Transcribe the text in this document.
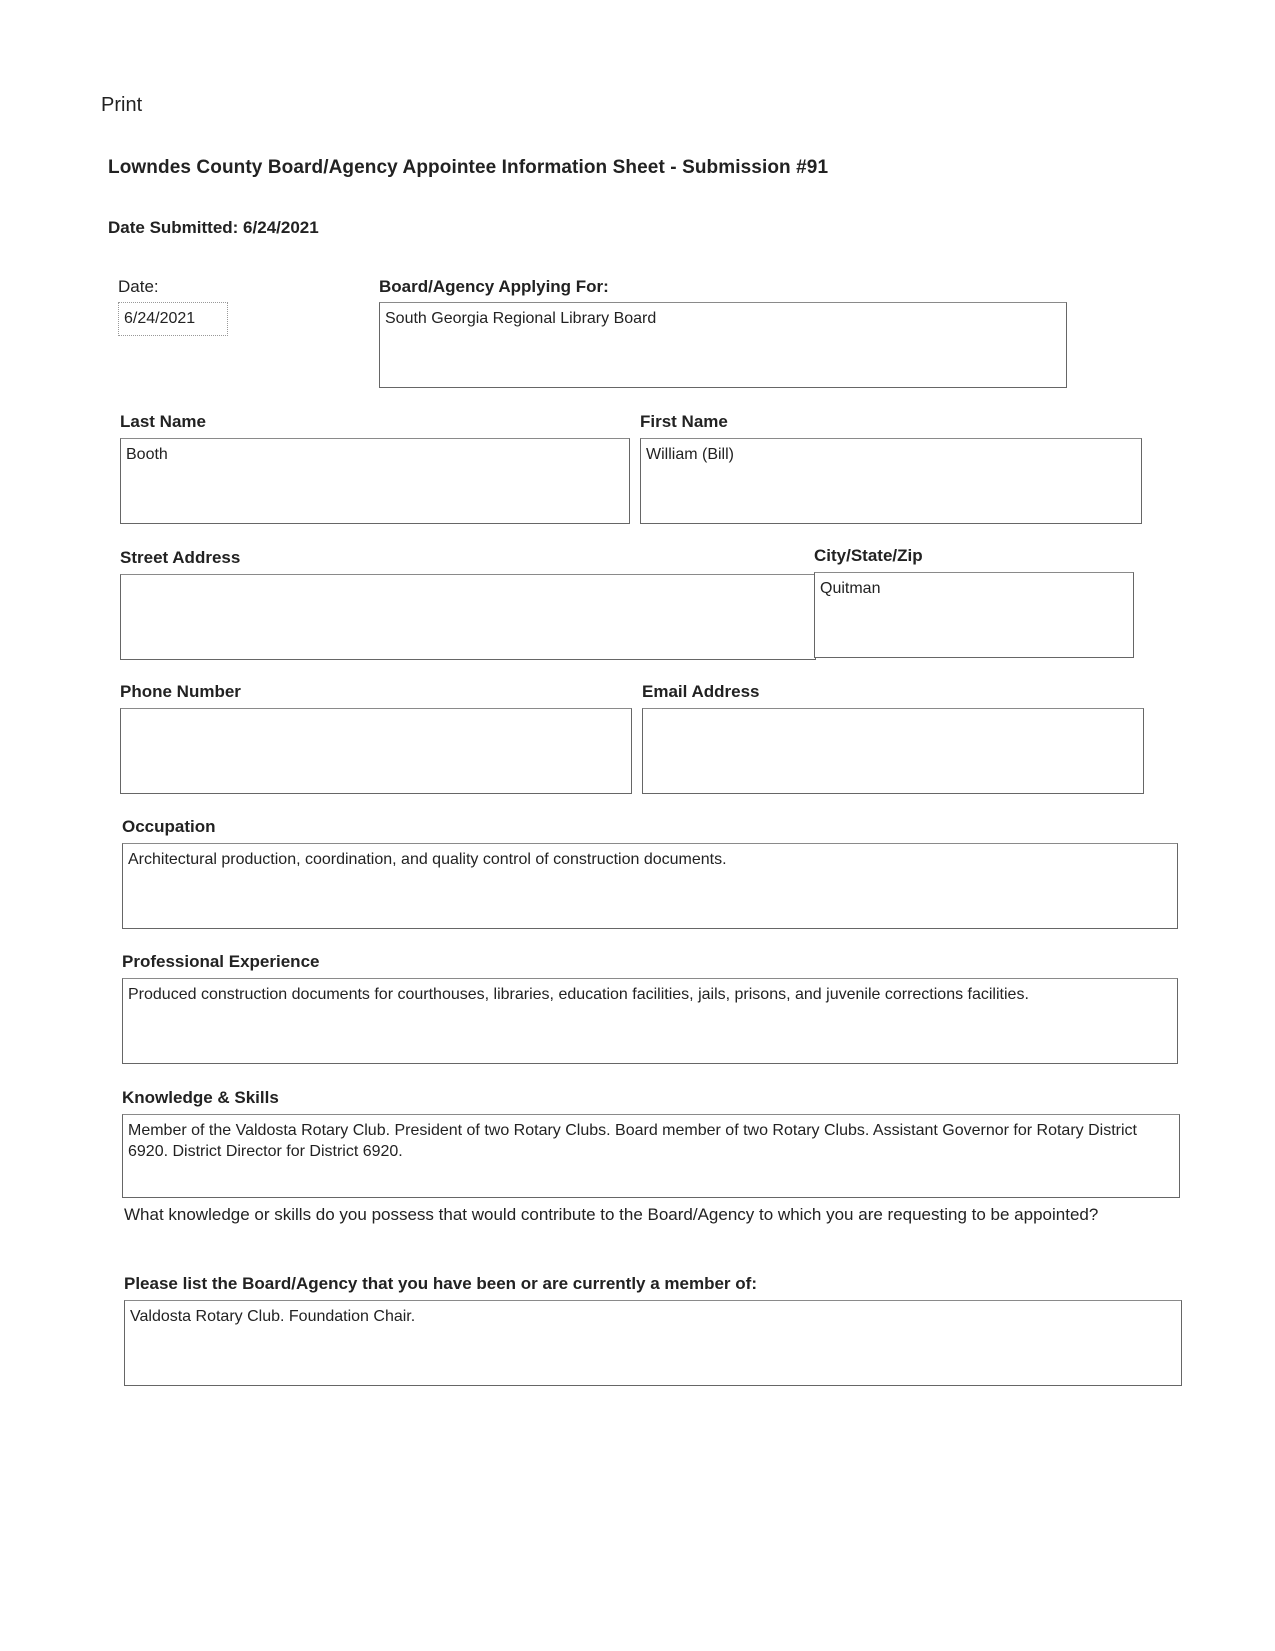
Print
Lowndes County Board/Agency Appointee Information Sheet - Submission #91
Date Submitted: 6/24/2021
Date:
6/24/2021
Board/Agency Applying For:
South Georgia Regional Library Board
Last Name
Booth
First Name
William (Bill)
Street Address	City/State/Zip
Quitman
Phone Number	Email Address
Occupation
Architectural production, coordination, and quality control of construction documents.
Professional Experience
Produced construction documents for courthouses, libraries, education facilities, jails, prisons, and juvenile corrections facilities.
Knowledge & Skills
Member of the Valdosta Rotary Club. President of two Rotary Clubs. Board member of two Rotary Clubs. Assistant Governor for Rotary District 6920. District Director for District 6920.
What knowledge or skills do you possess that would contribute to the Board/Agency to which you are requesting to be appointed?
Please list the Board/Agency that you have been or are currently a member of:
Valdosta Rotary Club. Foundation Chair.
